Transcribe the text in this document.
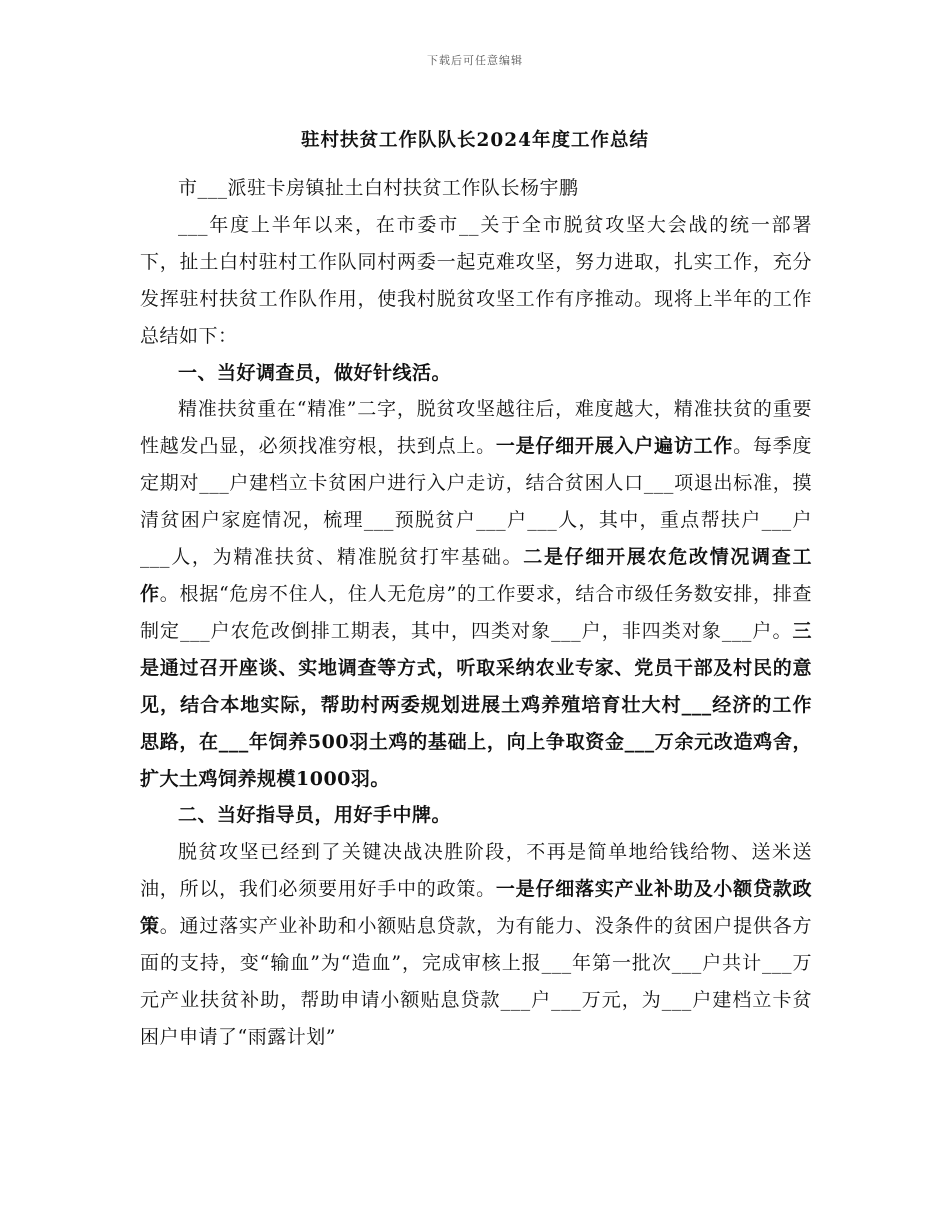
下载后可任意编辑
驻村扶贫工作队队长2024年度工作总结

市___派驻卡房镇扯土白村扶贫工作队长杨宇鹏

___年度上半年以来，在市委市__关于全市脱贫攻坚大会战的统一部署下，扯土白村驻村工作队同村两委一起克难攻坚，努力进取，扎实工作，充分发挥驻村扶贫工作队作用，使我村脱贫攻坚工作有序推动。现将上半年的工作总结如下：

一、当好调查员，做好针线活。

精准扶贫重在“精准”二字，脱贫攻坚越往后，难度越大，精准扶贫的重要性越发凸显，必须找准穷根，扶到点上。一是仔细开展入户遍访工作。每季度定期对___户建档立卡贫困户进行入户走访，结合贫困人口___项退出标准，摸清贫困户家庭情况，梳理___预脱贫户___户___人，其中，重点帮扶户___户___人，为精准扶贫、精准脱贫打牢基础。二是仔细开展农危改情况调查工作。根据“危房不住人，住人无危房”的工作要求，结合市级任务数安排，排查制定___户农危改倒排工期表，其中，四类对象___户，非四类对象___户。三是通过召开座谈、实地调查等方式，听取采纳农业专家、党员干部及村民的意见，结合本地实际，帮助村两委规划进展土鸡养殖培育壮大村___经济的工作思路，在___年饲养500羽土鸡的基础上，向上争取资金___万余元改造鸡舍，扩大土鸡饲养规模1000羽。

二、当好指导员，用好手中牌。

脱贫攻坚已经到了关键决战决胜阶段，不再是简单地给钱给物、送米送油，所以，我们必须要用好手中的政策。一是仔细落实产业补助及小额贷款政策。通过落实产业补助和小额贴息贷款，为有能力、没条件的贫困户提供各方面的支持，变“输血”为“造血”，完成审核上报___年第一批次___户共计___万元产业扶贫补助，帮助申请小额贴息贷款___户___万元，为___户建档立卡贫困户申请了“雨露计划”
